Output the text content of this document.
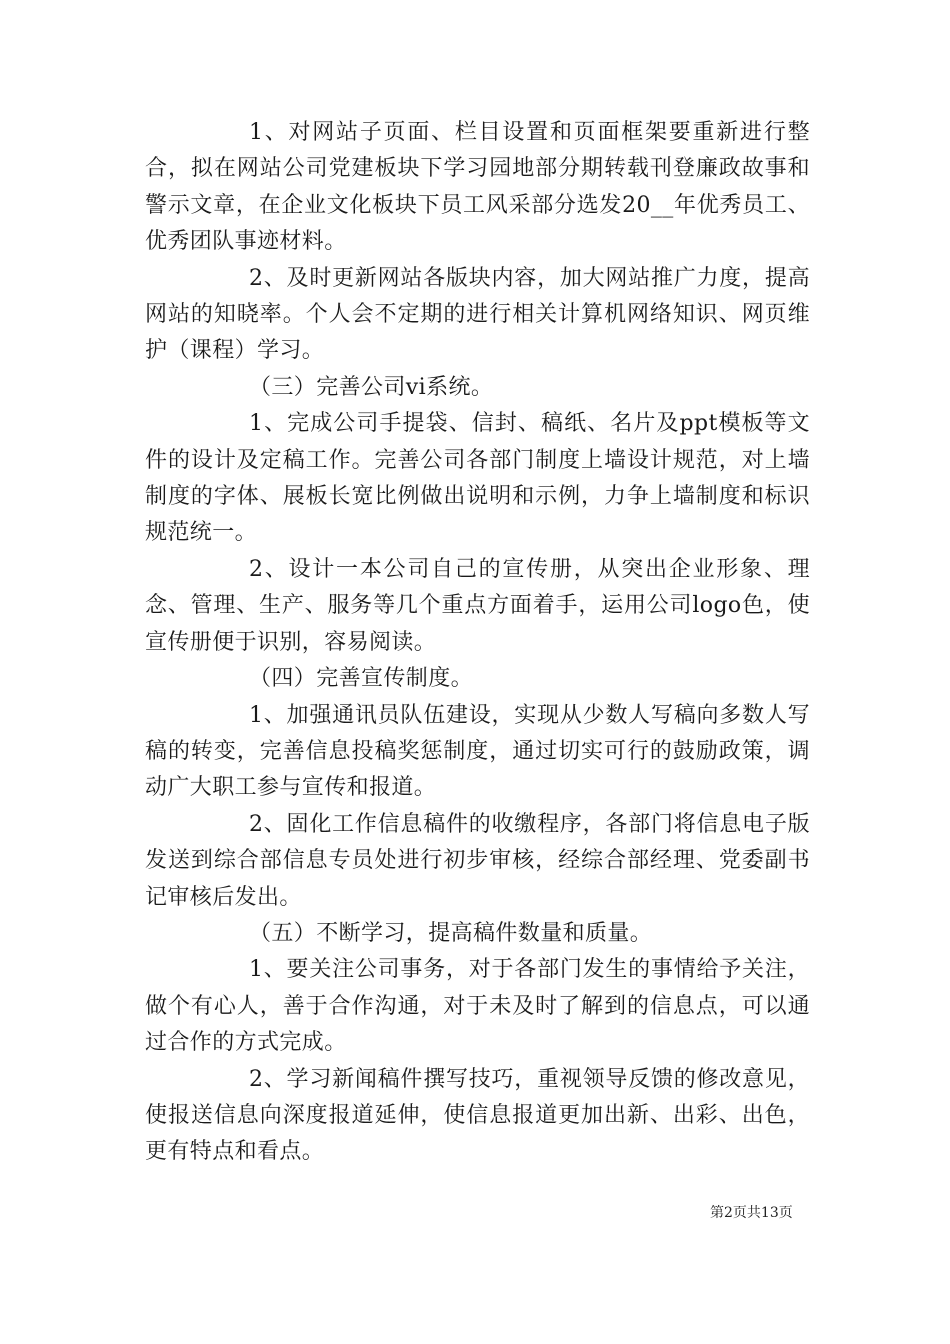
1、对网站子页面、栏目设置和页面框架要重新进行整合，拟在网站公司党建板块下学习园地部分期转载刊登廉政故事和警示文章，在企业文化板块下员工风采部分选发20__年优秀员工、优秀团队事迹材料。

2、及时更新网站各版块内容，加大网站推广力度，提高网站的知晓率。个人会不定期的进行相关计算机网络知识、网页维护（课程）学习。

（三）完善公司vi系统。

1、完成公司手提袋、信封、稿纸、名片及ppt模板等文件的设计及定稿工作。完善公司各部门制度上墙设计规范，对上墙制度的字体、展板长宽比例做出说明和示例，力争上墙制度和标识规范统一。

2、设计一本公司自己的宣传册，从突出企业形象、理念、管理、生产、服务等几个重点方面着手，运用公司logo色，使宣传册便于识别，容易阅读。

（四）完善宣传制度。

1、加强通讯员队伍建设，实现从少数人写稿向多数人写稿的转变，完善信息投稿奖惩制度，通过切实可行的鼓励政策，调动广大职工参与宣传和报道。

2、固化工作信息稿件的收缴程序，各部门将信息电子版发送到综合部信息专员处进行初步审核，经综合部经理、党委副书记审核后发出。

（五）不断学习，提高稿件数量和质量。

1、要关注公司事务，对于各部门发生的事情给予关注，做个有心人，善于合作沟通，对于未及时了解到的信息点，可以通过合作的方式完成。

2、学习新闻稿件撰写技巧，重视领导反馈的修改意见，使报送信息向深度报道延伸，使信息报道更加出新、出彩、出色，更有特点和看点。

第2页共13页
